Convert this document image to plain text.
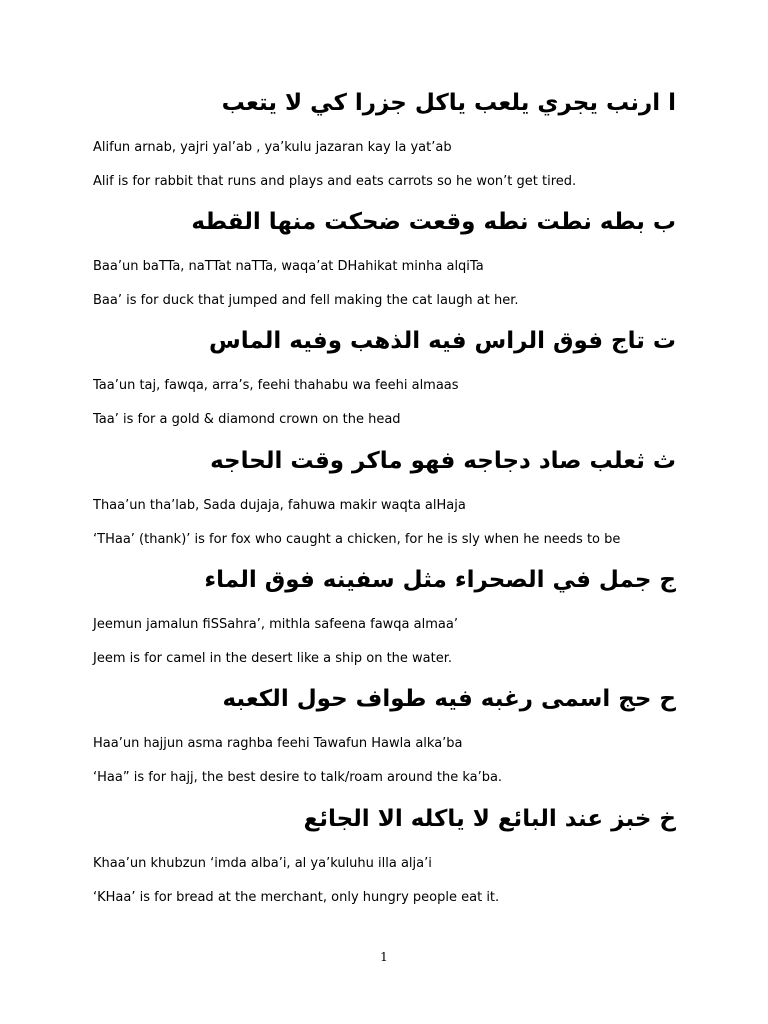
ا ارنب يجري يلعب ياكل جزرا كي لا يتعب
Alifun arnab, yajri yal’ab , ya’kulu jazaran kay la yat’ab
Alif is for rabbit that runs and plays and eats carrots so he won’t get tired.
ب بطه نطت نطه وقعت ضحكت منها القطه
Baa’un baTTa, naTTat naTTa, waqa’at DHahikat minha alqiTa
Baa’ is for duck that jumped and fell making the cat laugh at her.
ت تاج فوق الراس فيه الذهب وفيه الماس
Taa’un taj, fawqa, arra’s, feehi thahabu wa feehi almaas
Taa’ is for a gold & diamond crown on the head
ث ثعلب صاد دجاجه فهو ماكر وقت الحاجه
Thaa’un tha’lab, Sada dujaja, fahuwa makir waqta alHaja
‘THaa’ (thank)’ is for fox who caught a chicken, for he is sly when he needs to be
ج جمل في الصحراء مثل سفينه فوق الماء
Jeemun jamalun fiSSahra’, mithla safeena fawqa almaa’
Jeem is for camel in the desert like a ship on the water.
ح حج اسمى رغبه فيه طواف حول الكعبه
Haa’un hajjun asma raghba feehi Tawafun Hawla alka’ba
‘Haa” is for hajj, the best desire to talk/roam around the ka’ba.
خ خبز عند البائع لا ياكله الا الجائع
Khaa’un khubzun ‘imda alba’i, al ya’kuluhu illa alja’i
‘KHaa’ is for bread at the merchant, only hungry people eat it.
1
